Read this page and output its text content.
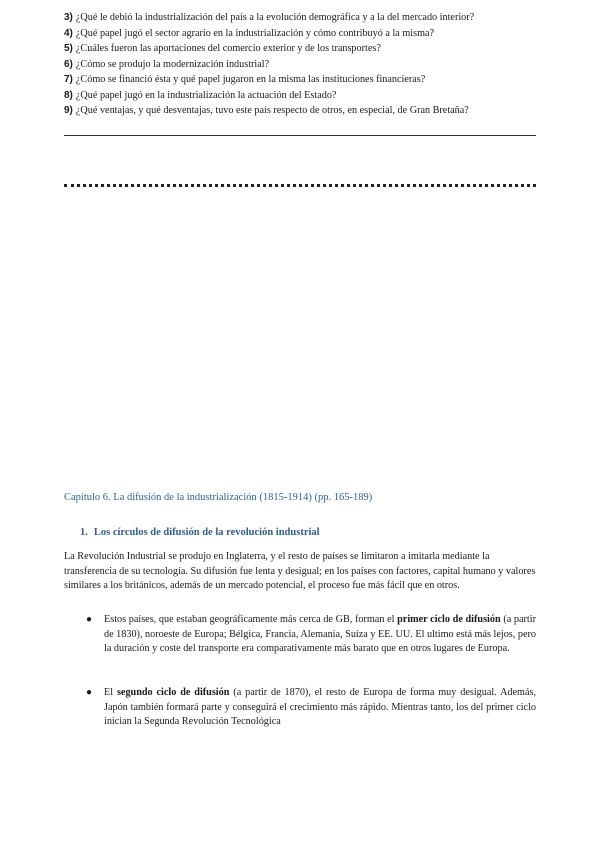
3) ¿Qué le debió la industrialización del país a la evolución demográfica y a la del mercado interior?
4) ¿Qué papel jugó el sector agrario en la industrialización y cómo contribuyó a la misma?
5) ¿Cuáles fueron las aportaciones del comercio exterior y de los transportes?
6) ¿Cómo se produjo la modernización industrial?
7) ¿Cómo se financió ésta y qué papel jugaron en la misma las instituciones financieras?
8) ¿Qué papel jugó en la industrialización la actuación del Estado?
9) ¿Qué ventajas, y qué desventajas, tuvo este país respecto de otros, en especial, de Gran Bretaña?
Capítulo 6. La difusión de la industrialización (1815-1914) (pp. 165-189)
1. Los círculos de difusión de la revolución industrial
La Revolución Industrial se produjo en Inglaterra, y el resto de países se limitaron a imitarla mediante la transferencia de su tecnología. Su difusión fue lenta y desigual; en los países con factores, capital humano y valores similares a los británicos, además de un mercado potencial, el proceso fue más fácil que en otros.
● Estos países, que estaban geográficamente más cerca de GB, forman el primer ciclo de difusión (a partir de 1830), noroeste de Europa; Bélgica, Francia, Alemania, Suiza y EE. UU. El ultimo está más lejos, pero la duración y coste del transporte era comparativamente más barato que en otros lugares de Europa.
● El segundo ciclo de difusión (a partir de 1870), el resto de Europa de forma muy desigual. Además, Japón también formará parte y conseguirá el crecimiento más rápido. Mientras tanto, los del primer ciclo inician la Segunda Revolución Tecnológica
